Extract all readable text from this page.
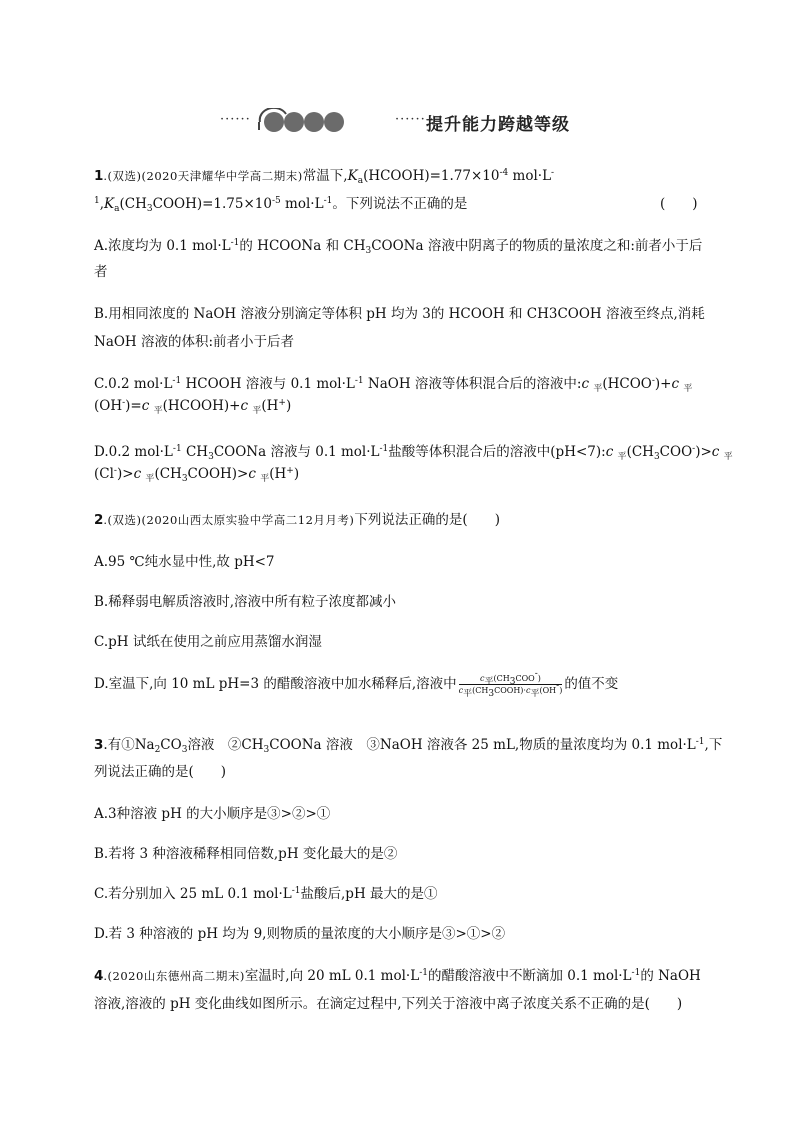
······	······ 提升能力跨越等级
1.(双选)(2020天津耀华中学高二期末)常温下$,K_a(HCOOH)=1.77\times 10^{-4}$ mol·L-
$^1,K_a(CH_3COOH)=1.75\times 10^{-5}$ $mol\cdot L^{-1}$。下列说法不正确的是	(　　)
A.浓度均为 0.1 $mol\cdot L^{-1}$的 HCOONa 和 $CH_3COONa$ 溶液中阴离子的物质的量浓度之和:前者小于后
者
B.用相同浓度的 NaOH 溶液分别滴定等体积 pH 均为 3的 HCOOH 和 CH3COOH 溶液至终点,消耗
NaOH 溶液的体积:前者小于后者
C.0.2 $mol\cdot L^{-1}$ HCOOH 溶液与 0.1 $mol\cdot L^{-1}$ NaOH 溶液等体积混合后的溶液中:c $_平$(HCOO-)+c $_平$
(OH-)=c $_平$(HCOOH)+c $_平$(H+)
D.0.2 $mol\cdot L^{-1}$ $CH_3COONa$ 溶液与 0.1 $mol\cdot L^{-1}$盐酸等体积混合后的溶液中(pH<7):c $_平(CH_3COO^-)>c$ $_平$
(Cl-)>c $_平(CH_3COOH)>c$ $_平$(H+)
2.(双选)(2020山西太原实验中学高二12月月考)下列说法正确的是(　　)
A.95 ℃纯水显中性,故 pH<7
B.稀释弱电解质溶液时,溶液中所有粒子浓度都减小
C.pH 试纸在使用之前应用蒸馏水润湿
D.室温下,向 10 mL pH=3 的醋酸溶液中加水稀释后,溶液中 $\frac{c_平(CH_3COO^-)}{c_平(CH_3COOH)\cdot c_平(OH^-)}$ 的值不变
3.有$①Na_2CO_3$溶液　$②CH_3COONa$ 溶液　③NaOH 溶液各 25 mL,物质的量浓度均为 0.1 $mol\cdot L^{-1}$,下
列说法正确的是(　　)
A.3种溶液 pH 的大小顺序是③>②>①
B.若将 3 种溶液稀释相同倍数,pH 变化最大的是②
C.若分别加入 25 mL 0.1 $mol\cdot L^{-1}$盐酸后,pH 最大的是①
D.若 3 种溶液的 pH 均为 9,则物质的量浓度的大小顺序是③>①>②
4.(2020山东德州高二期末)室温时,向 20 mL 0.1 $mol\cdot L^{-1}$的醋酸溶液中不断滴加 0.1 $mol\cdot L^{-1}$的 NaOH
溶液,溶液的 pH 变化曲线如图所示。在滴定过程中,下列关于溶液中离子浓度关系不正确的是(　　)
